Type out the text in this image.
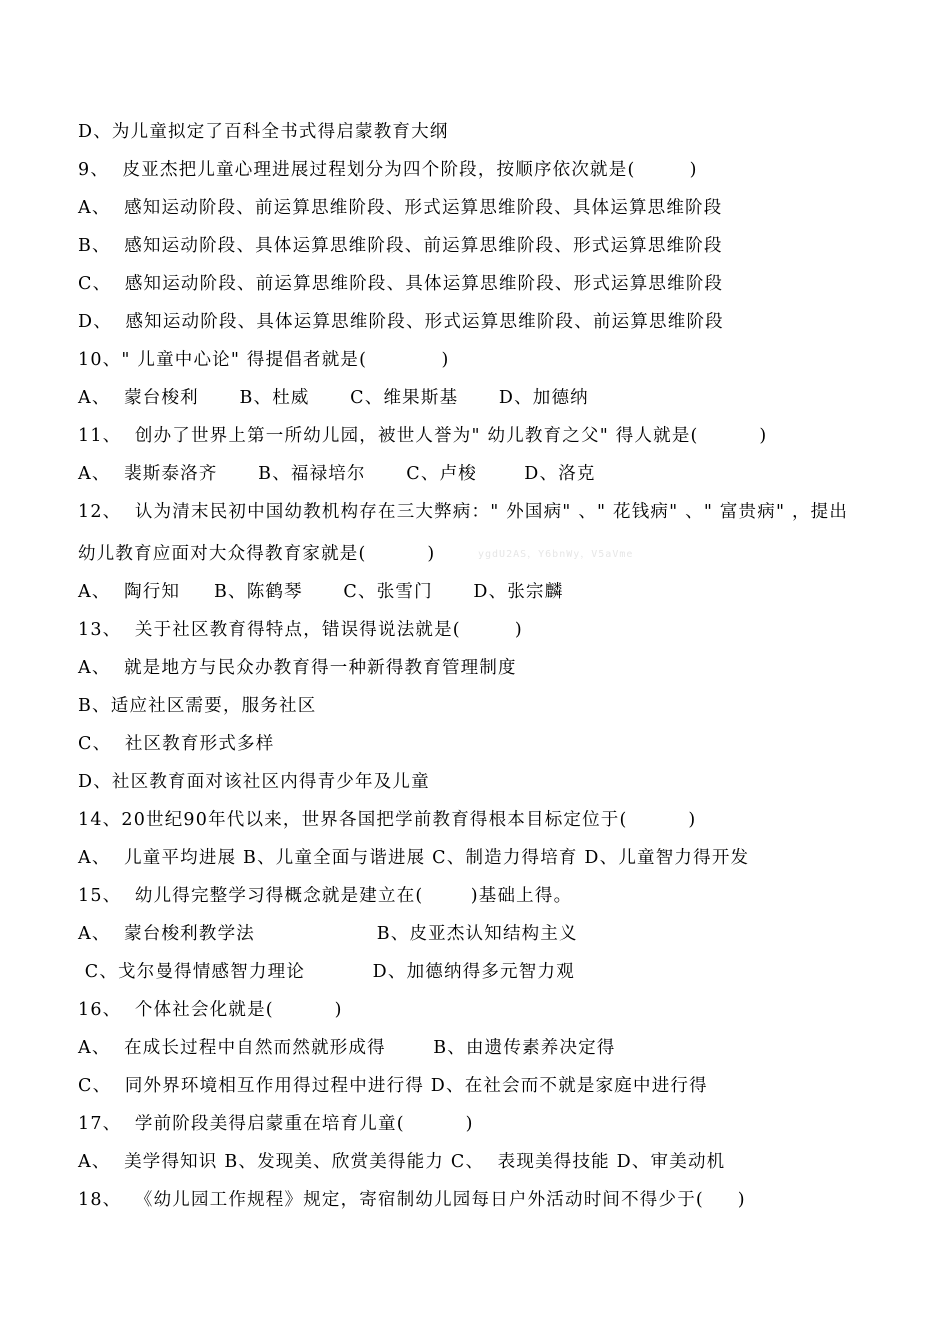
D、为儿童拟定了百科全书式得启蒙教育大纲
9、  皮亚杰把儿童心理进展过程划分为四个阶段，按顺序依次就是(        )
A、  感知运动阶段、前运算思维阶段、形式运算思维阶段、具体运算思维阶段
B、  感知运动阶段、具体运算思维阶段、前运算思维阶段、形式运算思维阶段
C、  感知运动阶段、前运算思维阶段、具体运算思维阶段、形式运算思维阶段
D、  感知运动阶段、具体运算思维阶段、形式运算思维阶段、前运算思维阶段
10、" 儿童中心论" 得提倡者就是(           )
A、  蒙台梭利      B、杜威      C、维果斯基      D、加德纳
11、  创办了世界上第一所幼儿园，被世人誉为" 幼儿教育之父" 得人就是(         )
A、  裴斯泰洛齐      B、福禄培尔      C、卢梭       D、洛克
12、  认为清末民初中国幼教机构存在三大弊病：" 外国病" 、" 花钱病" 、" 富贵病" ，提出
幼儿教育应面对大众得教育家就是(         )	ygdU2AS，Y6bnWy，V5aVme
A、  陶行知     B、陈鹤琴      C、张雪门      D、张宗麟
13、  关于社区教育得特点，错误得说法就是(        )
A、  就是地方与民众办教育得一种新得教育管理制度
B、适应社区需要，服务社区
C、  社区教育形式多样
D、社区教育面对该社区内得青少年及儿童
14、20世纪90年代以来，世界各国把学前教育得根本目标定位于(         )
A、  儿童平均进展 B、儿童全面与谐进展 C、制造力得培育 D、儿童智力得开发
15、  幼儿得完整学习得概念就是建立在(       )基础上得。
A、  蒙台梭利教学法                  B、皮亚杰认知结构主义
C、戈尔曼得情感智力理论          D、加德纳得多元智力观
16、  个体社会化就是(         )
A、  在成长过程中自然而然就形成得       B、由遗传素养决定得
C、  同外界环境相互作用得过程中进行得 D、在社会而不就是家庭中进行得
17、  学前阶段美得启蒙重在培育儿童(         )
A、  美学得知识 B、发现美、欣赏美得能力 C、  表现美得技能 D、审美动机
18、  《幼儿园工作规程》规定，寄宿制幼儿园每日户外活动时间不得少于(     )
